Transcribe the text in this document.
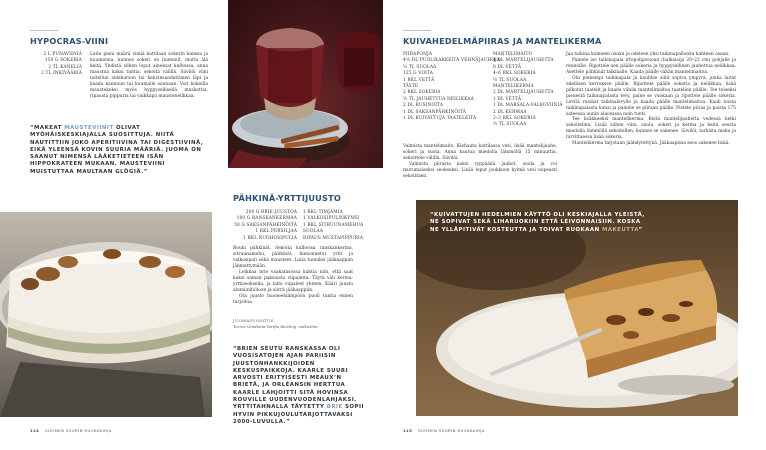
HYPOCRAS-VIINI
2 L PUNAVIINIÄ
150 G SOKERIA
2 TL KANELIA
2 TL INKIVÄÄRIÄ

Laita pieni määrä viiniä kattilaan sokerin kanssa ja kuumenna, kunnes sokeri on liuennut, mutta älä keitä. Yhdistä siihen loput aineksat kulhossa, anna maustua kaksi tuntia, sekoita välillä. Siivilöi viini taitellun sideharson tai kahvinsuodattimen läpi ja kaada kannuun tai kuumalle saunaan. Voit kokeilla maustekeksi myös hyppysellisellä muskottia, ripausta pippuria tai vaikkapa maustenelikkaa.

“MAKEAT MAUSTEVIINIT OLIVAT MYÖHÄISKESKIAJALLA SUOSITTUJA. NIITÄ NAUTITTIIN JOKO APERITIIVINA TAI DIGESTIIVINÄ, EIKÄ YLEENSÄ KOVIN SUURIA MÄÄRIÄ. JUOMA ON SAANUT NIMENSÄ LÄÄKETIETEEN ISÄN HIPPOKRATEEN MUKAAN. MAUSTEVIINI MUISTUTTAA MAULTAAN GLÖGIÄ.”
PÄHKINÄ-YRTTIJUUSTO
200 G BRIE-JUUSTOA
100 G RANSKANKERMAA
50 G SAKSANPÄHKINÖITÄ
1 RKL PERSILJAA
1 RKL RUOHOSIPULIA
1 RKL TIMJAMIA
1 VALKOSIPULINKYNSI
1 RKL SITRUUNAMEHUA
SUOLAA
RIPAUS MUSTAPIPPURIA

Rouhi pähkinät. Sekoita kulhossa ranskankerma, sitruunamehu, pähkinät, hienonnetut yrtit ja valkosipuli sekä mausteet. Laita tunniksi jääkaappiin jähmettymään.

Leikkaa brie vaakatasossa kahtia niin, että saat kaksi saman paksuista viipaletta. Täytä väli kerma-yrttiseoksella, ja laita viipaleet yhteen. Kääri juusto alumiinifolioon ja siirrä jääkaappiin.

Ota juusto huoneenlämpöön puoli tuntia ennen tarjoilua.

JUOMASUOSITUS:
Torres Vendimia Tarifia Riesling -valkoviini.
“BRIEN SEUTU RANSKASSA OLI VUOSISATOJEN AJAN PARIISIN JUUSTONHANKKIJOIDEN KESKUSPAIKKOJA. KAARLE SUURI ARVOSTI ERITYISESTI MEAUX’N BRIETÄ, JA ORLÉANSIN HERTTUA KAARLE LAHJOITTI SITÄ HOVINSA ROUVILLE UUDENVUODENLAHJAKSI. YRTTITAHNALLA TÄYTETTY BRIE SOPII HYVIN PIKKUJOULUTARJOTTAVAKSI 2000-LUVULLA.”
114 SUOMEN SUURIN RUOKAKIRJA
KUIVAHEDELMÄPIIRAS JA MANTELIKERMA
PIIRAPOHJA
4½ DL PUOLIKARKEITA VEHNÄJAUHOJA
½ TL SUOLAA
125 G VOITA
1 RKL VETTÄ
TÄYTE
2 RKL SOKERIA
½ TL JAUHETTUA NEILIKKAA
2 DL RUSINOITA
1 DL SAKSANPÄHKINÖITÄ
1 DL KUIVATTUJA TAATELEITA
MANTELIMAITO
4 DL MANTELIJAUHETTA
8 DL VETTÄ
4–6 RKL SOKERIA
½ TL SUOLAA
MANTELIKERMA
2 DL MANTELIJAUHETTA
1 DL VETTÄ
1 DL MARSALA-VALKOVIINIÄ
2 DL KERMAA
2–3 RKL SOKERIA
½ TL SUOLAA

Valmista mantelimaito. Kiehauta kattilassa vesi, lisää mantelijauhe, sokeri ja suola. Anna hautua miedolla lämmöllä 15 minuuttia, sekoittele välillä. Siivilöi.

Valmista piirasta kaksi ryppäänä jauhot, suola ja voi murumaiseksi seokseksi. Lisää loput joukkoon kylmä vesi nopeasti sekoittaen.

Jaa taikina kolmeen osaan ja odeleen yksi taikinapalloista kahteen osaan.

Painele iso taikinapala irtopohjavuoan (halkaisija 20–22 cm) pohjalle ja reunoille. Ripottele sen päälle sokeria ja hyppysellinen jauhettua neilikkaa. Asettele pähkinät taikinalle. Kaada päälle vähän mantelimaitoa.

Ota pienempi taikinapala ja kaulitse siitä sopiva ympyrä, jonka laitat edellisen kerroksen päälle. Ripottele päälle sokeria ja neilikkaa, lisää pilkotut taatelit ja kaada vähän mantelimaitoa taatelien päälle. Tee toiseksi pienestä taikinapalasta levy, paine se vuokaan ja ripottele päälle sokeria. Levitä rusinat taikinalevylle ja kaada päälle mantelimaitoa. Kaali toista taikinapalasta kansi ja painele se piiraan päälle. Pistele piiras ja paista 175 asteessa uunin alaosassa noin tunti.

Tee lisäkkeeksi mantelikerma. Keitä mantelijauhetta vedessä hetki sekoitellen. Lisää siihen viini, suola, sokeri ja kerma ja keitä seosta miedolla lämmöllä sekoitellen, kunnes se sakenee. Siivilöi, tarkista maku ja tarvittaessa lisää sokeria.

Mantelikerma tarjotaan jäähdytettynä. Jääkaapissa seos sakenee lisää.

“KUIVATTUJEN HEDELMIEN KÄYTTÖ OLI KESKIAJALLA YLEISTÄ, NE SOPIVAT SEKÄ LIHARUOKIIN ETTÄ LEIVONNAISIIN. KOSKA NE YLLÄPITIVÄT KOSTEUTTA JA TOIVAT RUOKAAN MAKEUTTA”
115 SUOMEN SUURIN RUOKAKIRJA
